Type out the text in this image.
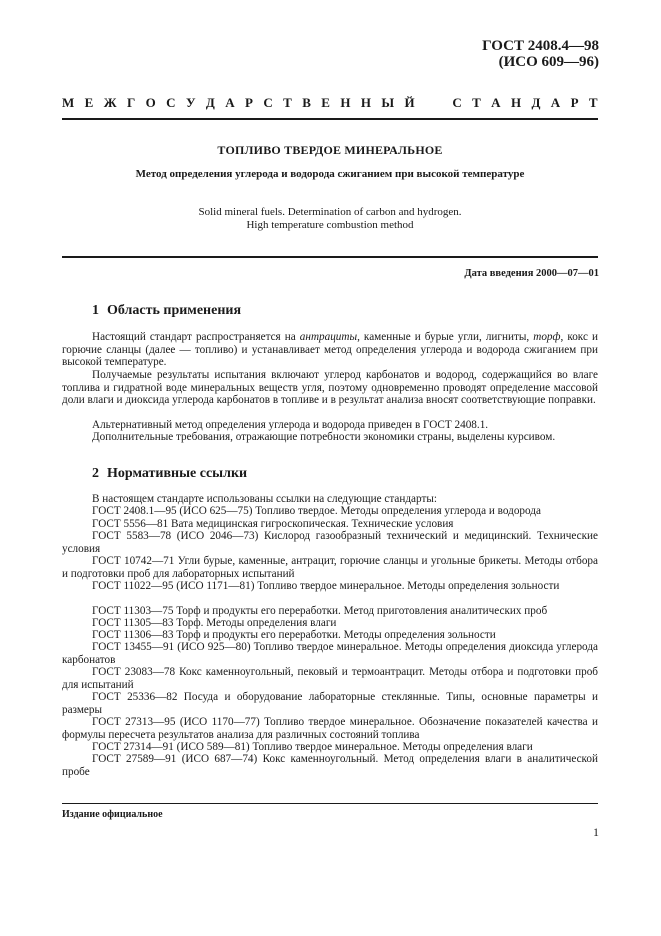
ГОСТ 2408.4—98
(ИСО 609—96)
М Е Ж Г О С У Д А Р С Т В Е Н Н Ы Й

	С Т А Н Д А Р Т
ТОПЛИВО ТВЕРДОЕ МИНЕРАЛЬНОЕ
Метод определения углерода и водорода сжиганием при высокой температуре
Solid mineral fuels. Determination of carbon and hydrogen.
High temperature combustion method
Дата введения 2000—07—01
1 Область применения
Настоящий стандарт распространяется на антрациты, каменные и бурые угли, лигниты, торф, кокс и горючие сланцы (далее — топливо) и устанавливает метод определения углерода и водорода сжиганием при высокой температуре.
Получаемые результаты испытания включают углерод карбонатов и водород, содержащийся во влаге топлива и гидратной воде минеральных веществ угля, поэтому одновременно проводят определение массовой доли влаги и диоксида углерода карбонатов в топливе и в результат анализа вносят соответствующие поправки.
Альтернативный метод определения углерода и водорода приведен в ГОСТ 2408.1.
Дополнительные требования, отражающие потребности экономики страны, выделены курсивом.
2 Нормативные ссылки
В настоящем стандарте использованы ссылки на следующие стандарты:
ГОСТ 2408.1—95 (ИСО 625—75) Топливо твердое. Методы определения углерода и водорода
ГОСТ 5556—81 Вата медицинская гигроскопическая. Технические условия
ГОСТ 5583—78 (ИСО 2046—73) Кислород газообразный технический и медицинский. Технические условия
ГОСТ 10742—71 Угли бурые, каменные, антрацит, горючие сланцы и угольные брикеты. Методы отбора и подготовки проб для лабораторных испытаний
ГОСТ 11022—95 (ИСО 1171—81) Топливо твердое минеральное. Методы определения зольности
ГОСТ 11303—75 Торф и продукты его переработки. Метод приготовления аналитических проб
ГОСТ 11305—83 Торф. Методы определения влаги
ГОСТ 11306—83 Торф и продукты его переработки. Методы определения зольности
ГОСТ 13455—91 (ИСО 925—80) Топливо твердое минеральное. Методы определения диоксида углерода карбонатов
ГОСТ 23083—78 Кокс каменноугольный, пековый и термоантрацит. Методы отбора и подготовки проб для испытаний
ГОСТ 25336—82 Посуда и оборудование лабораторные стеклянные. Типы, основные параметры и размеры
ГОСТ 27313—95 (ИСО 1170—77) Топливо твердое минеральное. Обозначение показателей качества и формулы пересчета результатов анализа для различных состояний топлива
ГОСТ 27314—91 (ИСО 589—81) Топливо твердое минеральное. Методы определения влаги
ГОСТ 27589—91 (ИСО 687—74) Кокс каменноугольный. Метод определения влаги в аналитической пробе
Издание официальное
1
